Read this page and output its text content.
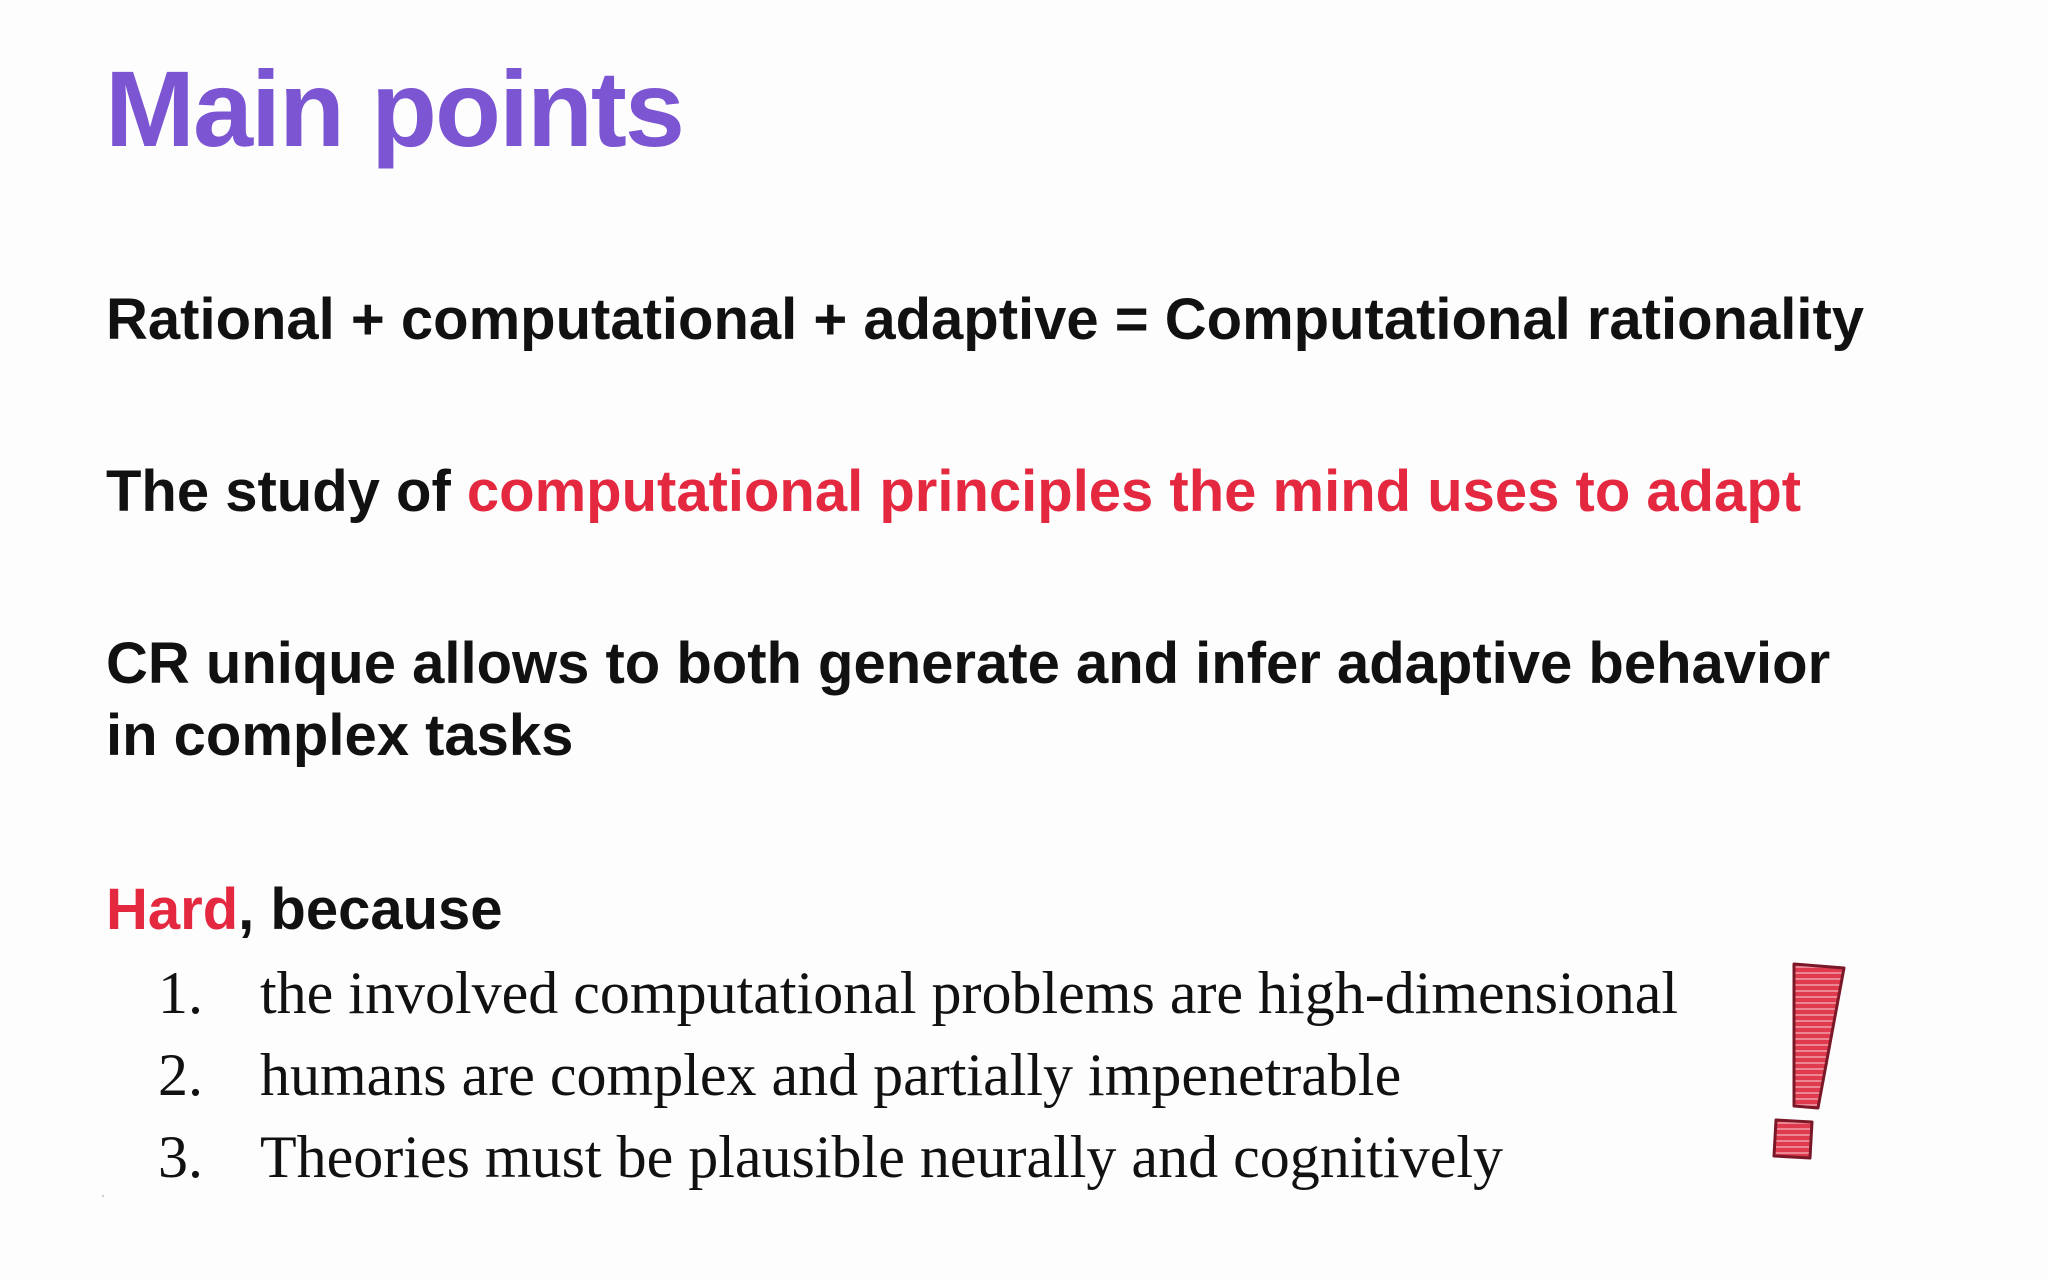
Main points

Rational + computational + adaptive = Computational rationality

The study of computational principles the mind uses to adapt

CR unique allows to both generate and infer adaptive behavior
in complex tasks

Hard, because

1. the involved computational problems are high-dimensional
2. humans are complex and partially impenetrable
3. Theories must be plausible neurally and cognitively
